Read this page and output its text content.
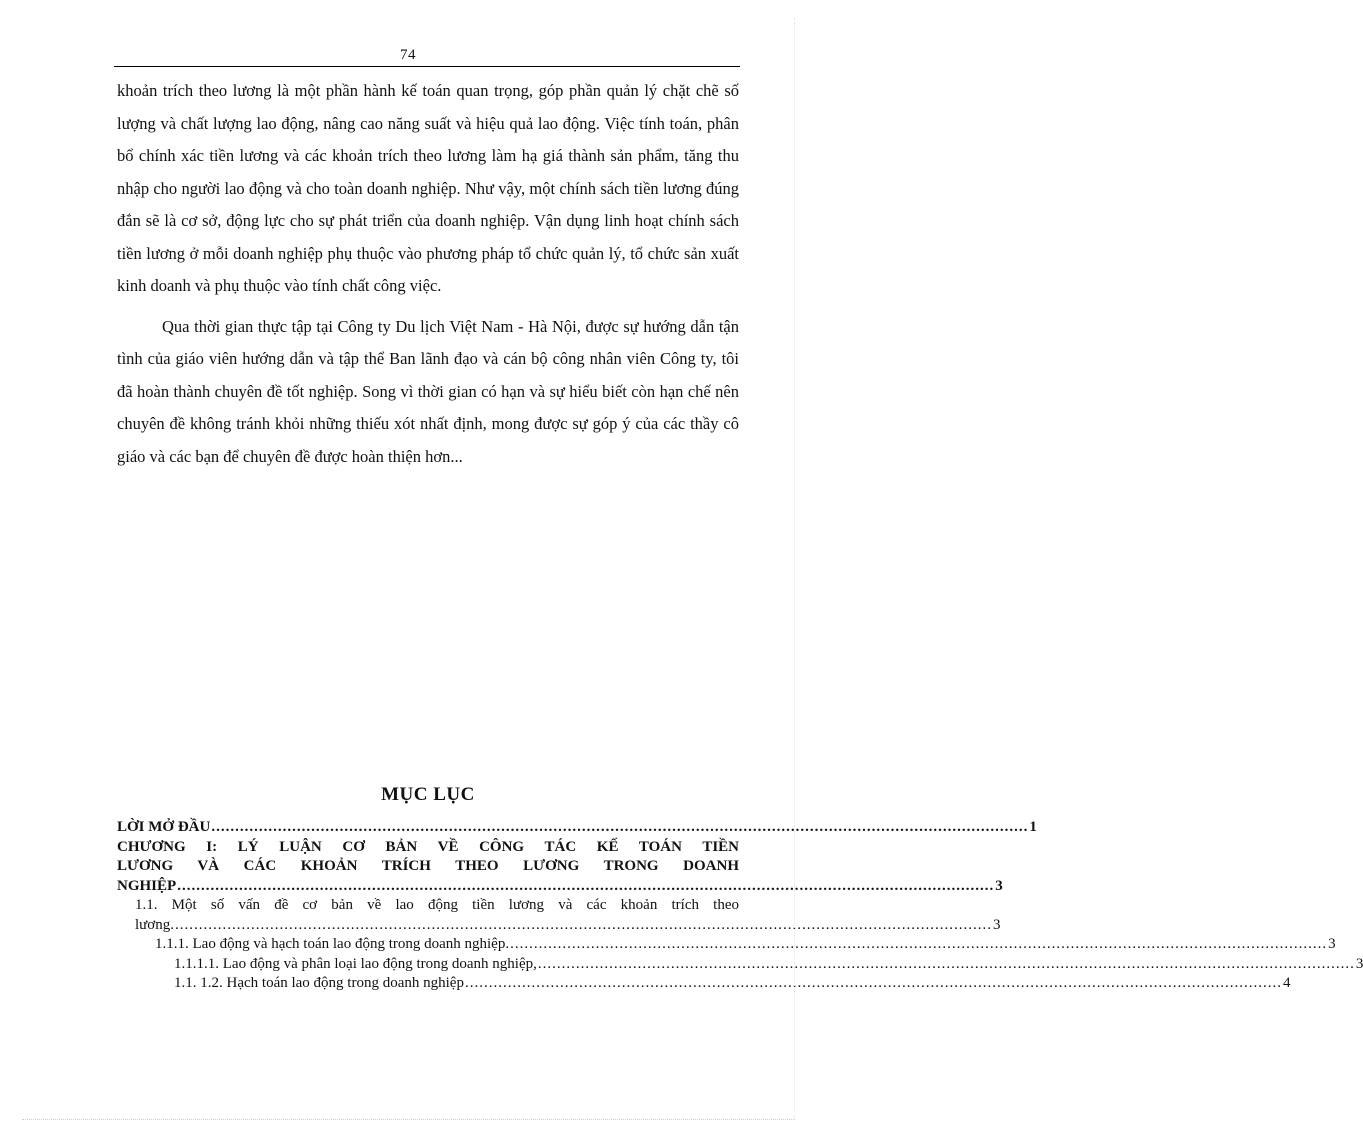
74

khoản trích theo lương là một phần hành kế toán quan trọng, góp phần quản lý chặt chẽ số lượng và chất lượng lao động, nâng cao năng suất và hiệu quả lao động. Việc tính toán, phân bổ chính xác tiền lương và các khoản trích theo lương làm hạ giá thành sản phẩm, tăng thu nhập cho người lao động và cho toàn doanh nghiệp. Như vậy, một chính sách tiền lương đúng đắn sẽ là cơ sở, động lực cho sự phát triển của doanh nghiệp. Vận dụng linh hoạt chính sách tiền lương ở mỗi doanh nghiệp phụ thuộc vào phương pháp tổ chức quản lý, tổ chức sản xuất kinh doanh và phụ thuộc vào tính chất công việc.

Qua thời gian thực tập tại Công ty Du lịch Việt Nam - Hà Nội, được sự hướng dẫn tận tình của giáo viên hướng dẫn và tập thể Ban lãnh đạo và cán bộ công nhân viên Công ty, tôi đã hoàn thành chuyên đề tốt nghiệp. Song vì thời gian có hạn và sự hiểu biết còn hạn chế nên chuyên đề không tránh khỏi những thiếu xót nhất định, mong được sự góp ý của các thầy cô giáo và các bạn để chuyên đề được hoàn thiện hơn...

MỤC LỤC
LỜI MỞ ĐẦU ............................................................................................................................................................................ 1
CHƯƠNG I: LÝ LUẬN CƠ BẢN VỀ CÔNG TÁC KẾ TOÁN TIỀN
LƯƠNG VÀ CÁC KHOẢN TRÍCH THEO LƯƠNG TRONG DOANH
NGHIỆP ............................................................................................................................................................................ 3
1.1. Một số vấn đề cơ bản về lao động tiền lương và các khoản trích theo
lương. ............................................................................................................................................................................ 3
1.1.1. Lao động và hạch toán lao động trong doanh nghiệp. ............................................................................................................................................................................ 3
1.1.1.1. Lao động và phân loại lao động trong doanh nghiệp, ............................................................................................................................................................................ 3
1.1. 1.2. Hạch toán lao động trong doanh nghiệp ............................................................................................................................................................................ 4
